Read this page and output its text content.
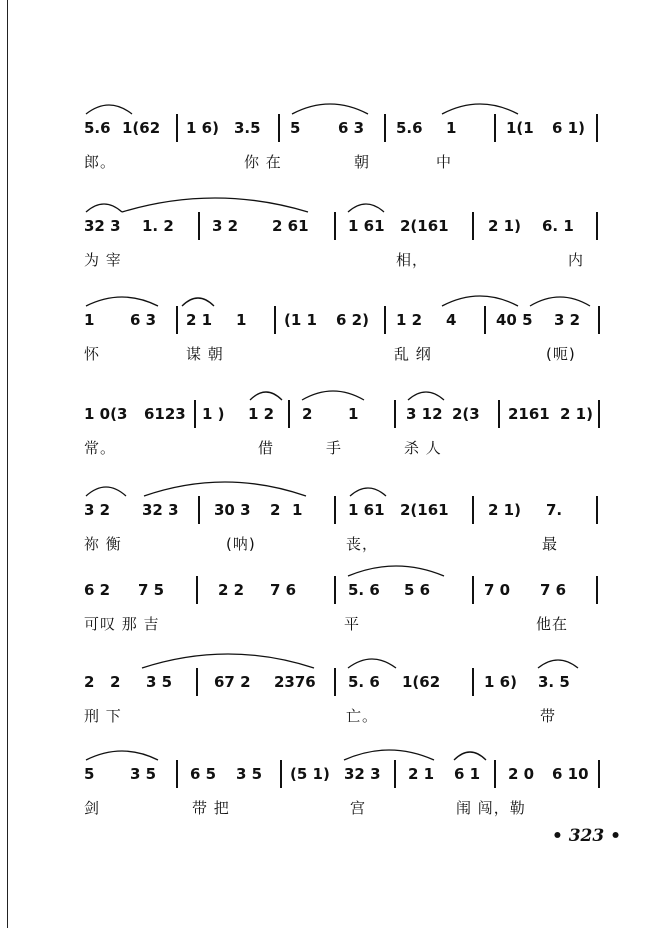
5.6 1(62 1 6) 3.5 5	6 3 5.6 1	1(1 6 1)
郎。	你 在	朝	中
32 3 1. 2	3 2 2 61	1 61 2(161	2 1) 6. 1
为 宰	相，	内
1 6 3 2 1 1	(1 1 6 2) 1 2 4	40 5 3 2
怀	谋 朝	乱 纲	(呃)
1 0(3 6123 1 ) 1 2 2 1	3 12 2(3 2161 2 1)
常。	借	手	杀 人
3 2 32 3 30 3 2 1	1 61 2(161	2 1) 7.
祢 衡	(呐)	丧，	最
6 2 7 5	2 2 7 6	5. 6 5 6	7 0 7 6
可叹 那 吉	平	他在
2 2 3 5	67 2 2376 5. 6 1(62	1 6) 3. 5
刑 下	亡。	带
5 3 5 6 5 3 5 (5 1) 32 3 2 1 6 1 2 0 6 10
剑	带 把	宫	闱 闯，勒
• 323 •
